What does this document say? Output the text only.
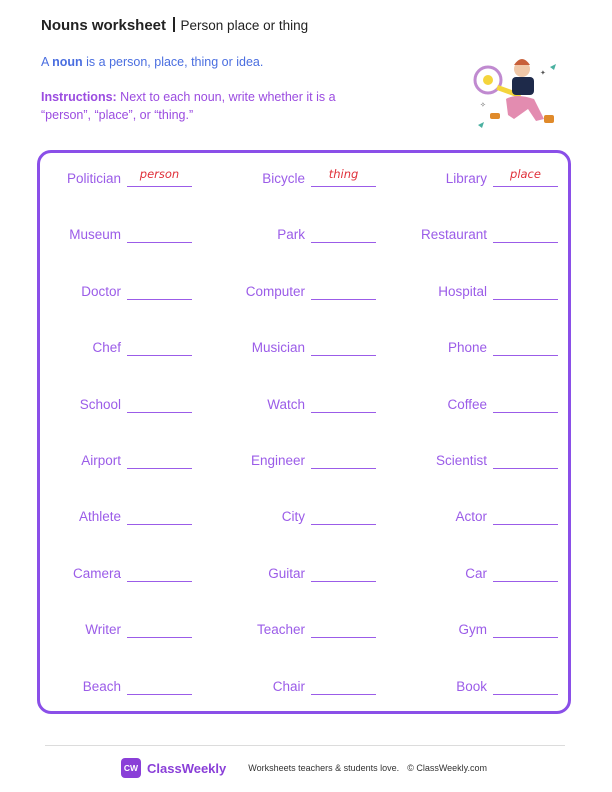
Nouns worksheet Person place or thing
A noun is a person, place, thing or idea.
Instructions: Next to each noun, write whether it is a “person”, “place”, or “thing.”
✦
✧
Politician	person	Bicycle	thing	Library	place
Museum	Park	Restaurant
Doctor	Computer	Hospital
Chef	Musician	Phone
School	Watch	Coffee
Airport	Engineer	Scientist
Athlete	City	Actor
Camera	Guitar	Car
Writer	Teacher	Gym
Beach	Chair	Book
CW ClassWeekly Worksheets teachers & students love. © ClassWeekly.com
